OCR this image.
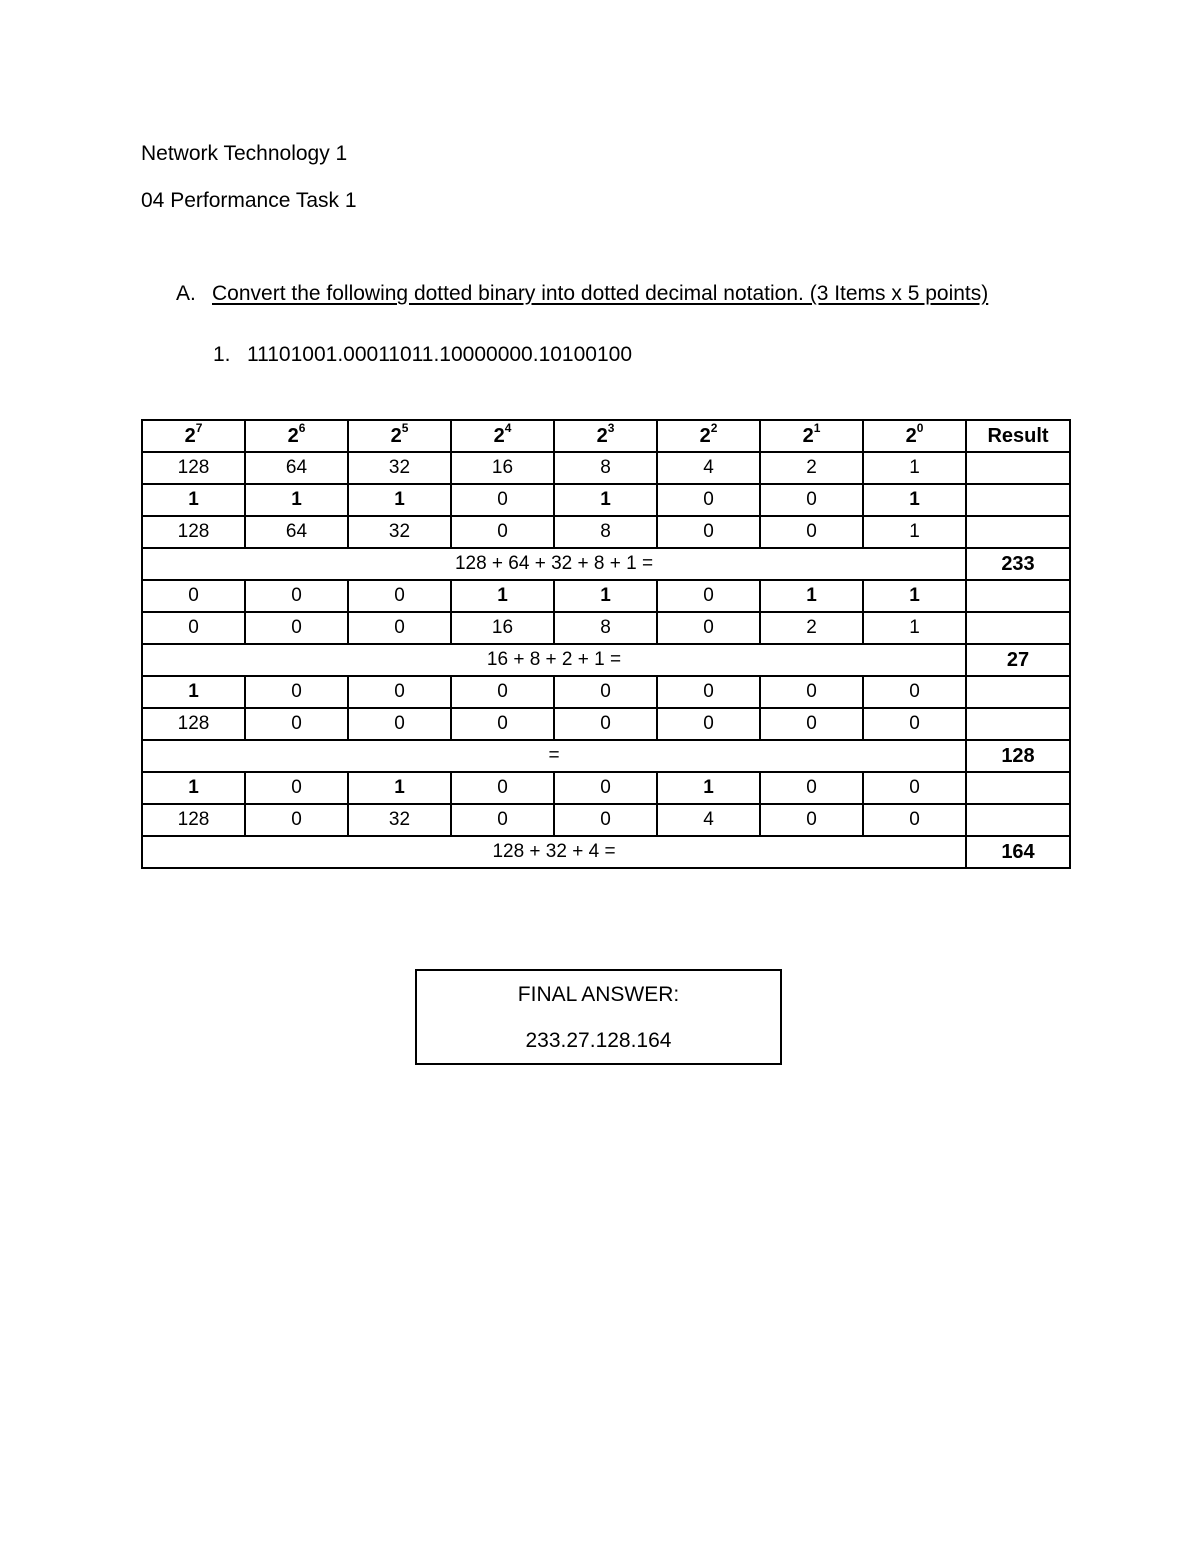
Network Technology 1
04 Performance Task 1
A. Convert the following dotted binary into dotted decimal notation. (3 Items x 5 points)
1. 11101001.00011011.10000000.10100100
$2^7$	$2^6$	$2^5$	$2^4$	$2^3$	$2^2$	$2^1$	$2^0$	Result
128	64	32	16	8	4	2	1	
1	1	1	0	1	0	0	1	
128	64	32	0	8	0	0	1	
128 + 64 + 32 + 8 + 1 =								233
0	0	0	1	1	0	1	1	
0	0	0	16	8	0	2	1	
16 + 8 + 2 + 1 =								27
1	0	0	0	0	0	0	0	
128	0	0	0	0	0	0	0	
=								128
1	0	1	0	0	1	0	0	
128	0	32	0	0	4	0	0	
128 + 32 + 4 =								164
FINAL ANSWER:
233.27.128.164
